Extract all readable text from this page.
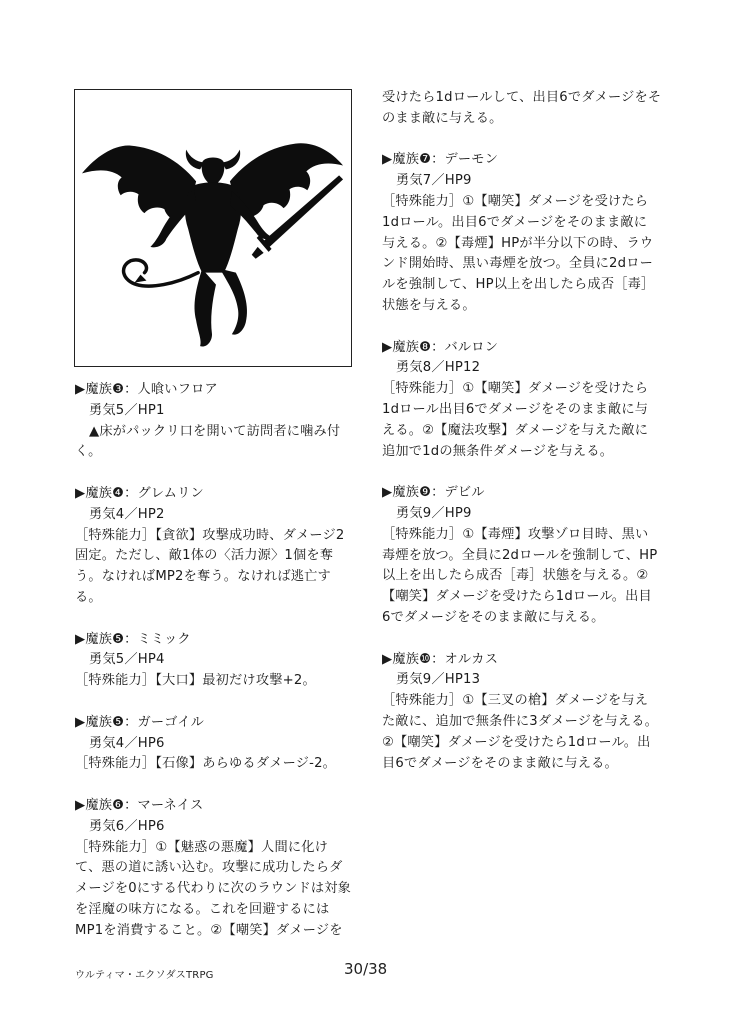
▶魔族❸：人喰いフロア
勇気5／HP1
▲床がパックリ口を開いて訪問者に噛み付
く。
▶魔族❹：グレムリン
勇気4／HP2
［特殊能力］【貪欲】攻撃成功時、ダメージ2
固定。ただし、敵1体の〈活力源〉1個を奪
う。なければMP2を奪う。なければ逃亡す
る。
▶魔族❺：ミミック
勇気5／HP4
［特殊能力］【大口】最初だけ攻撃+2。
▶魔族❺：ガーゴイル
勇気4／HP6
［特殊能力］【石像】あらゆるダメージ-2。
▶魔族❻：マーネイス
勇気6／HP6
［特殊能力］①【魅惑の悪魔】人間に化け
て、悪の道に誘い込む。攻撃に成功したらダ
メージを0にする代わりに次のラウンドは対象
を淫魔の味方になる。これを回避するには
MP1を消費すること。②【嘲笑】ダメージを
受けたら1dロールして、出目6でダメージをそ
のまま敵に与える。
▶魔族❼：デーモン
勇気7／HP9
［特殊能力］①【嘲笑】ダメージを受けたら
1dロール。出目6でダメージをそのまま敵に
与える。②【毒煙】HPが半分以下の時、ラウ
ンド開始時、黒い毒煙を放つ。全員に2dロー
ルを強制して、HP以上を出したら成否［毒］
状態を与える。
▶魔族❽：バルロン
勇気8／HP12
［特殊能力］①【嘲笑】ダメージを受けたら
1dロール出目6でダメージをそのまま敵に与
える。②【魔法攻撃】ダメージを与えた敵に
追加で1dの無条件ダメージを与える。
▶魔族❾：デビル
勇気9／HP9
［特殊能力］①【毒煙】攻撃ゾロ目時、黒い
毒煙を放つ。全員に2dロールを強制して、HP
以上を出したら成否［毒］状態を与える。②
【嘲笑】ダメージを受けたら1dロール。出目
6でダメージをそのまま敵に与える。
▶魔族❿：オルカス
勇気9／HP13
［特殊能力］①【三叉の槍】ダメージを与え
た敵に、追加で無条件に3ダメージを与える。
②【嘲笑】ダメージを受けたら1dロール。出
目6でダメージをそのまま敵に与える。
ウルティマ・エクソダスTRPG	30/38
